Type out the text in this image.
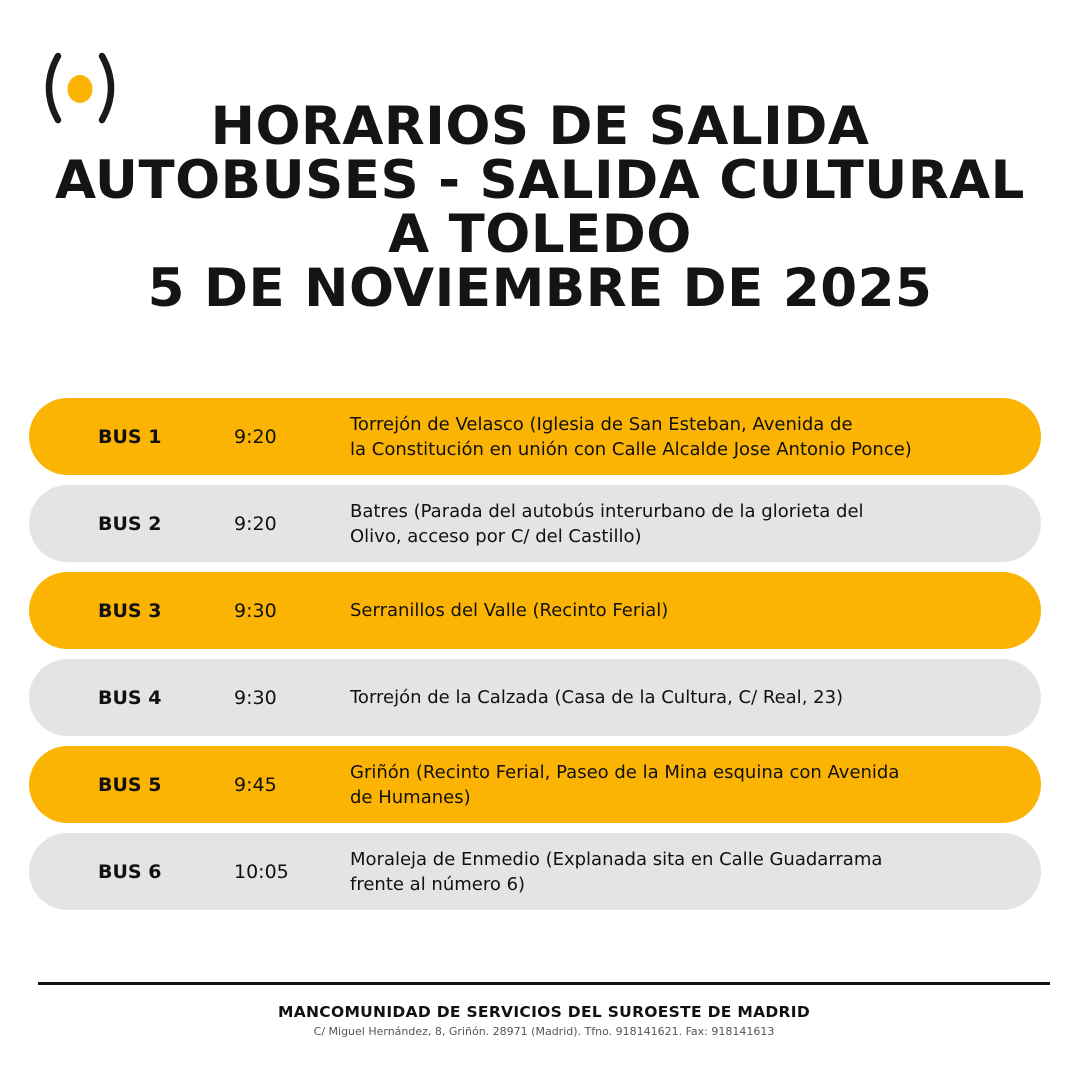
HORARIOS DE SALIDA
AUTOBUSES - SALIDA CULTURAL
A TOLEDO
5 DE NOVIEMBRE DE 2025
BUS 1	9:20
Torrejón de Velasco (Iglesia de San Esteban, Avenida de
la Constitución en unión con Calle Alcalde Jose Antonio Ponce)
BUS 2	9:20
Batres (Parada del autobús interurbano de la glorieta del
Olivo, acceso por C/ del Castillo)
BUS 3	9:30	Serranillos del Valle (Recinto Ferial)
BUS 4	9:30	Torrejón de la Calzada (Casa de la Cultura, C/ Real, 23)
BUS 5	9:45
Griñón (Recinto Ferial, Paseo de la Mina esquina con Avenida
de Humanes)
BUS 6	10:05
Moraleja de Enmedio (Explanada sita en Calle Guadarrama
frente al número 6)
MANCOMUNIDAD DE SERVICIOS DEL SUROESTE DE MADRID
C/ Miguel Hernández, 8, Griñón. 28971 (Madrid). Tfno. 918141621. Fax: 918141613
